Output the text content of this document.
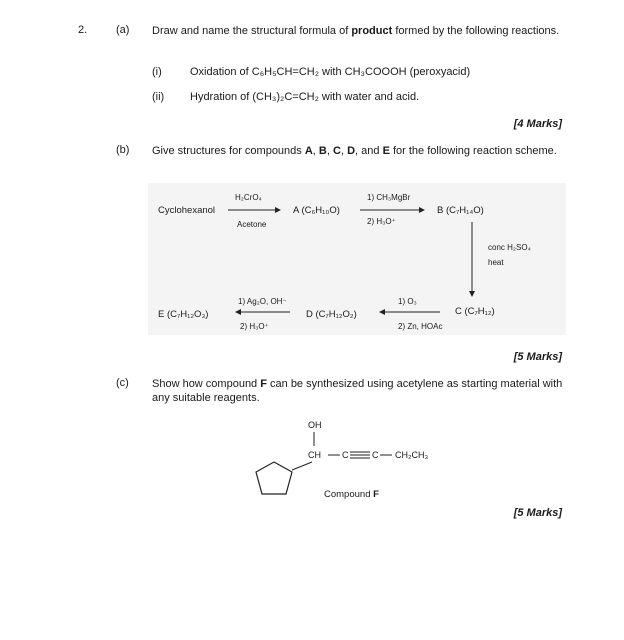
2.	(a) Draw and name the structural formula of product formed by the following reactions.
(i)	Oxidation of C₆H₅CH=CH₂ with CH₃COOOH (peroxyacid)
(ii) Hydration of (CH₃)₂C=CH₂ with water and acid.
[4 Marks]
(b) Give structures for compounds A, B, C, D, and E for the following reaction scheme.
Cyclohexanol
H₂CrO₄
Acetone
A (C₆H₁₀O)
1) CH₃MgBr
2) H₃O⁺
B (C₇H₁₄O)
conc H₂SO₄
heat
C (C₇H₁₂)
1) O₃
2) Zn, HOAc
D (C₇H₁₂O₂)
1) Ag₂O, OH⁻
2) H₃O⁺
E (C₇H₁₂O₃)
[5 Marks]
(c) Show how compound F can be synthesized using acetylene as starting material with any suitable reagents.
OH
CH C	C CH₂CH₃
Compound F
[5 Marks]
